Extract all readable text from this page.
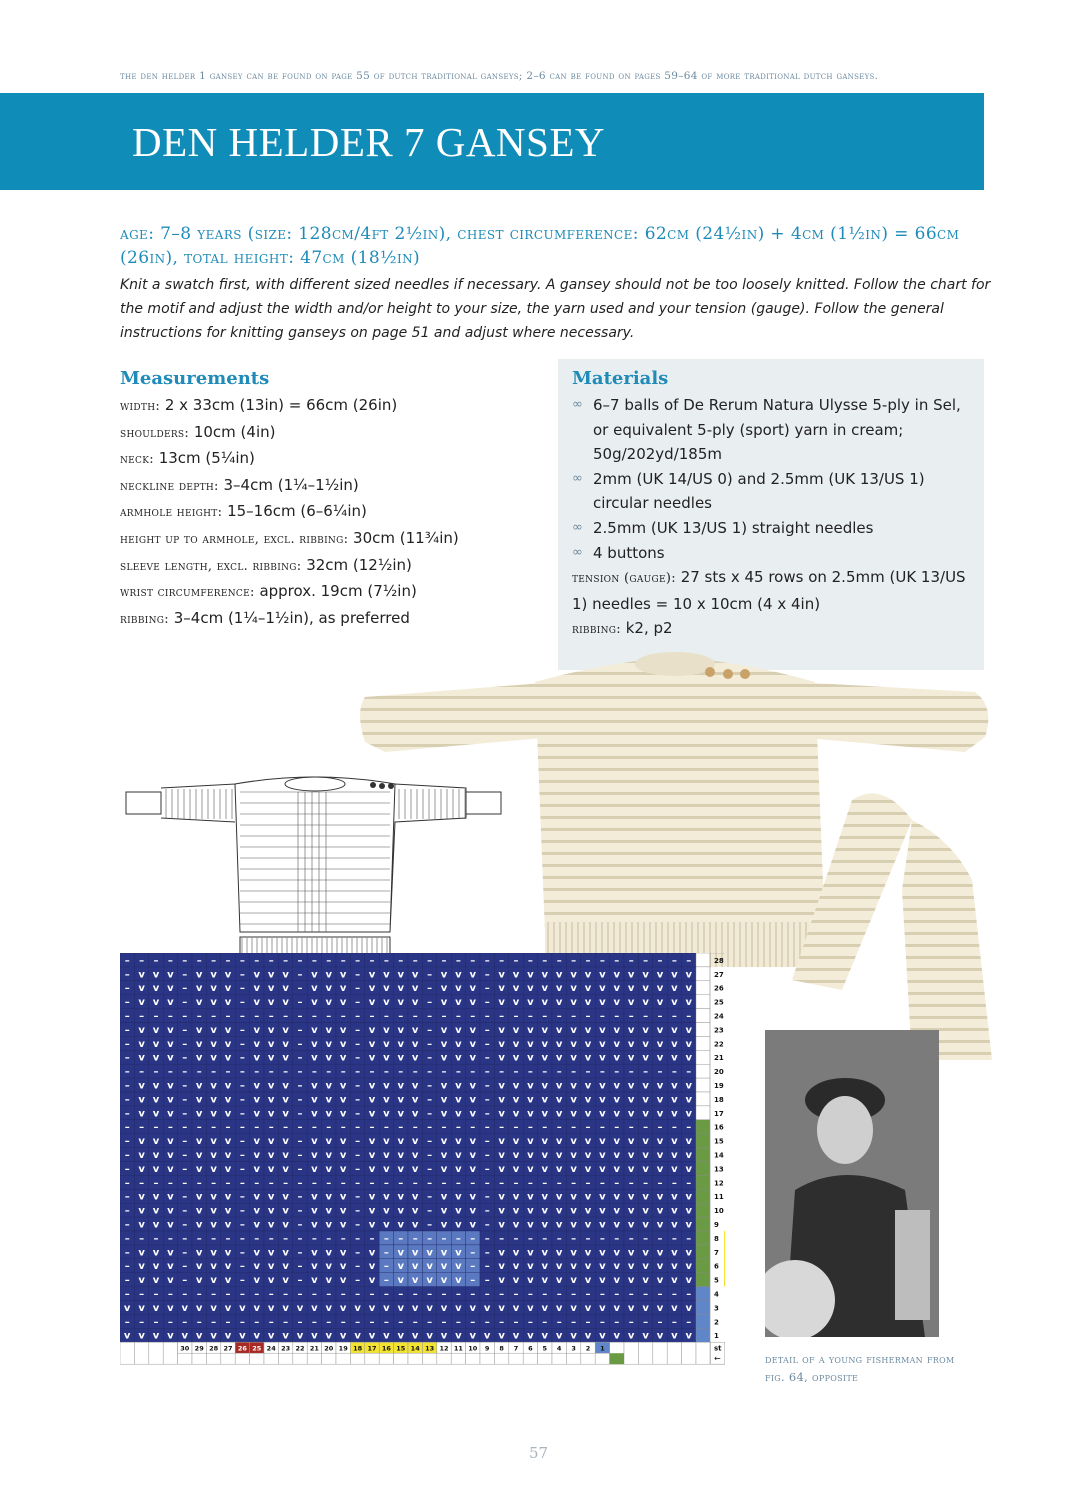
the den helder 1 gansey can be found on page 55 of dutch traditional ganseys; 2–6 can be found on pages 59–64 of more traditional dutch ganseys.
DEN HELDER 7 GANSEY
age: 7–8 years (size: 128cm/4ft 2½in), chest circumference: 62cm (24½in) + 4cm (1½in) = 66cm (26in), total height: 47cm (18½in)
Knit a swatch first, with different sized needles if necessary. A gansey should not be too loosely knitted. Follow the chart for the motif and adjust the width and/or height to your size, the yarn used and your tension (gauge). Follow the general instructions for knitting ganseys on page 51 and adjust where necessary.
Measurements
width: 2 x 33cm (13in) = 66cm (26in)
shoulders: 10cm (4in)
neck: 13cm (5¼in)
neckline depth: 3–4cm (1¼–1½in)
armhole height: 15–16cm (6–6¼in)
height up to armhole, excl. ribbing: 30cm (11¾in)
sleeve length, excl. ribbing: 32cm (12½in)
wrist circumference: approx. 19cm (7½in)
ribbing: 3–4cm (1¼–1½in), as preferred
Materials
∞ 6–7 balls of De Rerum Natura Ulysse 5-ply in Sel, or equivalent 5-ply (sport) yarn in cream; 50g/202yd/185m
∞ 2mm (UK 14/US 0) and 2.5mm (UK 13/US 1) circular needles
∞ 2.5mm (UK 13/US 1) straight needles
∞ 4 buttons
tension (gauge): 27 sts x 45 rows on 2.5mm (UK 13/US 1) needles = 10 x 10cm (4 x 4in)
ribbing: k2, p2
– – – – – – – – – – – – – – – – – – – – – – – – – – – – – – – – – – – – – – – –	28
– v v v – v v v – v v v – v v v – v v v v – v v v – v v v v v v v v v v v v v v	27
– v v v – v v v – v v v – v v v – v v v v – v v v – v v v v v v v v v v v v v v	26
– v v v – v v v – v v v – v v v – v v v v – v v v – v v v v v v v v v v v v v v	25
– – – – – – – – – – – – – – – – – – – – – – – – – – – – – – – – – – – – – – – –	24
– v v v – v v v – v v v – v v v – v v v v – v v v – v v v v v v v v v v v v v v	23
– v v v – v v v – v v v – v v v – v v v v – v v v – v v v v v v v v v v v v v v	22
– v v v – v v v – v v v – v v v – v v v v – v v v – v v v v v v v v v v v v v v	21
– – – – – – – – – – – – – – – – – – – – – – – – – – – – – – – – – – – – – – – –	20
– v v v – v v v – v v v – v v v – v v v v – v v v – v v v v v v v v v v v v v v	19
– v v v – v v v – v v v – v v v – v v v v – v v v – v v v v v v v v v v v v v v	18
– v v v – v v v – v v v – v v v – v v v v – v v v – v v v v v v v v v v v v v v	17
– – – – – – – – – – – – – – – – – – – – – – – – – – – – – – – – – – – – – – – –	16
– v v v – v v v – v v v – v v v – v v v v – v v v – v v v v v v v v v v v v v v	15
– v v v – v v v – v v v – v v v – v v v v – v v v – v v v v v v v v v v v v v v	14
– v v v – v v v – v v v – v v v – v v v v – v v v – v v v v v v v v v v v v v v	13
– – – – – – – – – – – – – – – – – – – – – – – – – – – – – – – – – – – – – – – –	12
– v v v – v v v – v v v – v v v – v v v v – v v v – v v v v v v v v v v v v v v	11
– v v v – v v v – v v v – v v v – v v v v – v v v – v v v v v v v v v v v v v v	10
– v v v – v v v – v v v – v v v – v v v v – v v v – v v v v v v v v v v v v v v	9
– – – – – – – – – – – – – – – – – – – – – – – – – – – – – – – – – – – – – – – –	8
– v v v – v v v – v v v – v v v – v – v v v v v – – v v v v v v v v v v v v v v	7
– v v v – v v v – v v v – v v v – v – v v v v v – – v v v v v v v v v v v v v v	6
– v v v – v v v – v v v – v v v – v – v v v v v – – v v v v v v v v v v v v v v	5
– – – – – – – – – – – – – – – – – – – – – – – – – – – – – – – – – – – – – – – –	4
v v v v v v v v v v v v v v v v v v v v v v v v v v v v v v v v v v v v v v v v	3
– – – – – – – – – – – – – – – – – – – – – – – – – – – – – – – – – – – – – – – –	2
v v v v v v v v v v v v v v v v v v v v v v v v v v v v v v v v v v v v v v v v	1
30 29 28 27 26 25 24 23 22 21 20 19 18 17 16 15 14 13 12 11 10 9 8 7 6 5 4 3 2 1	st
←	detail of a young fisherman from fig. 64, opposite
57
